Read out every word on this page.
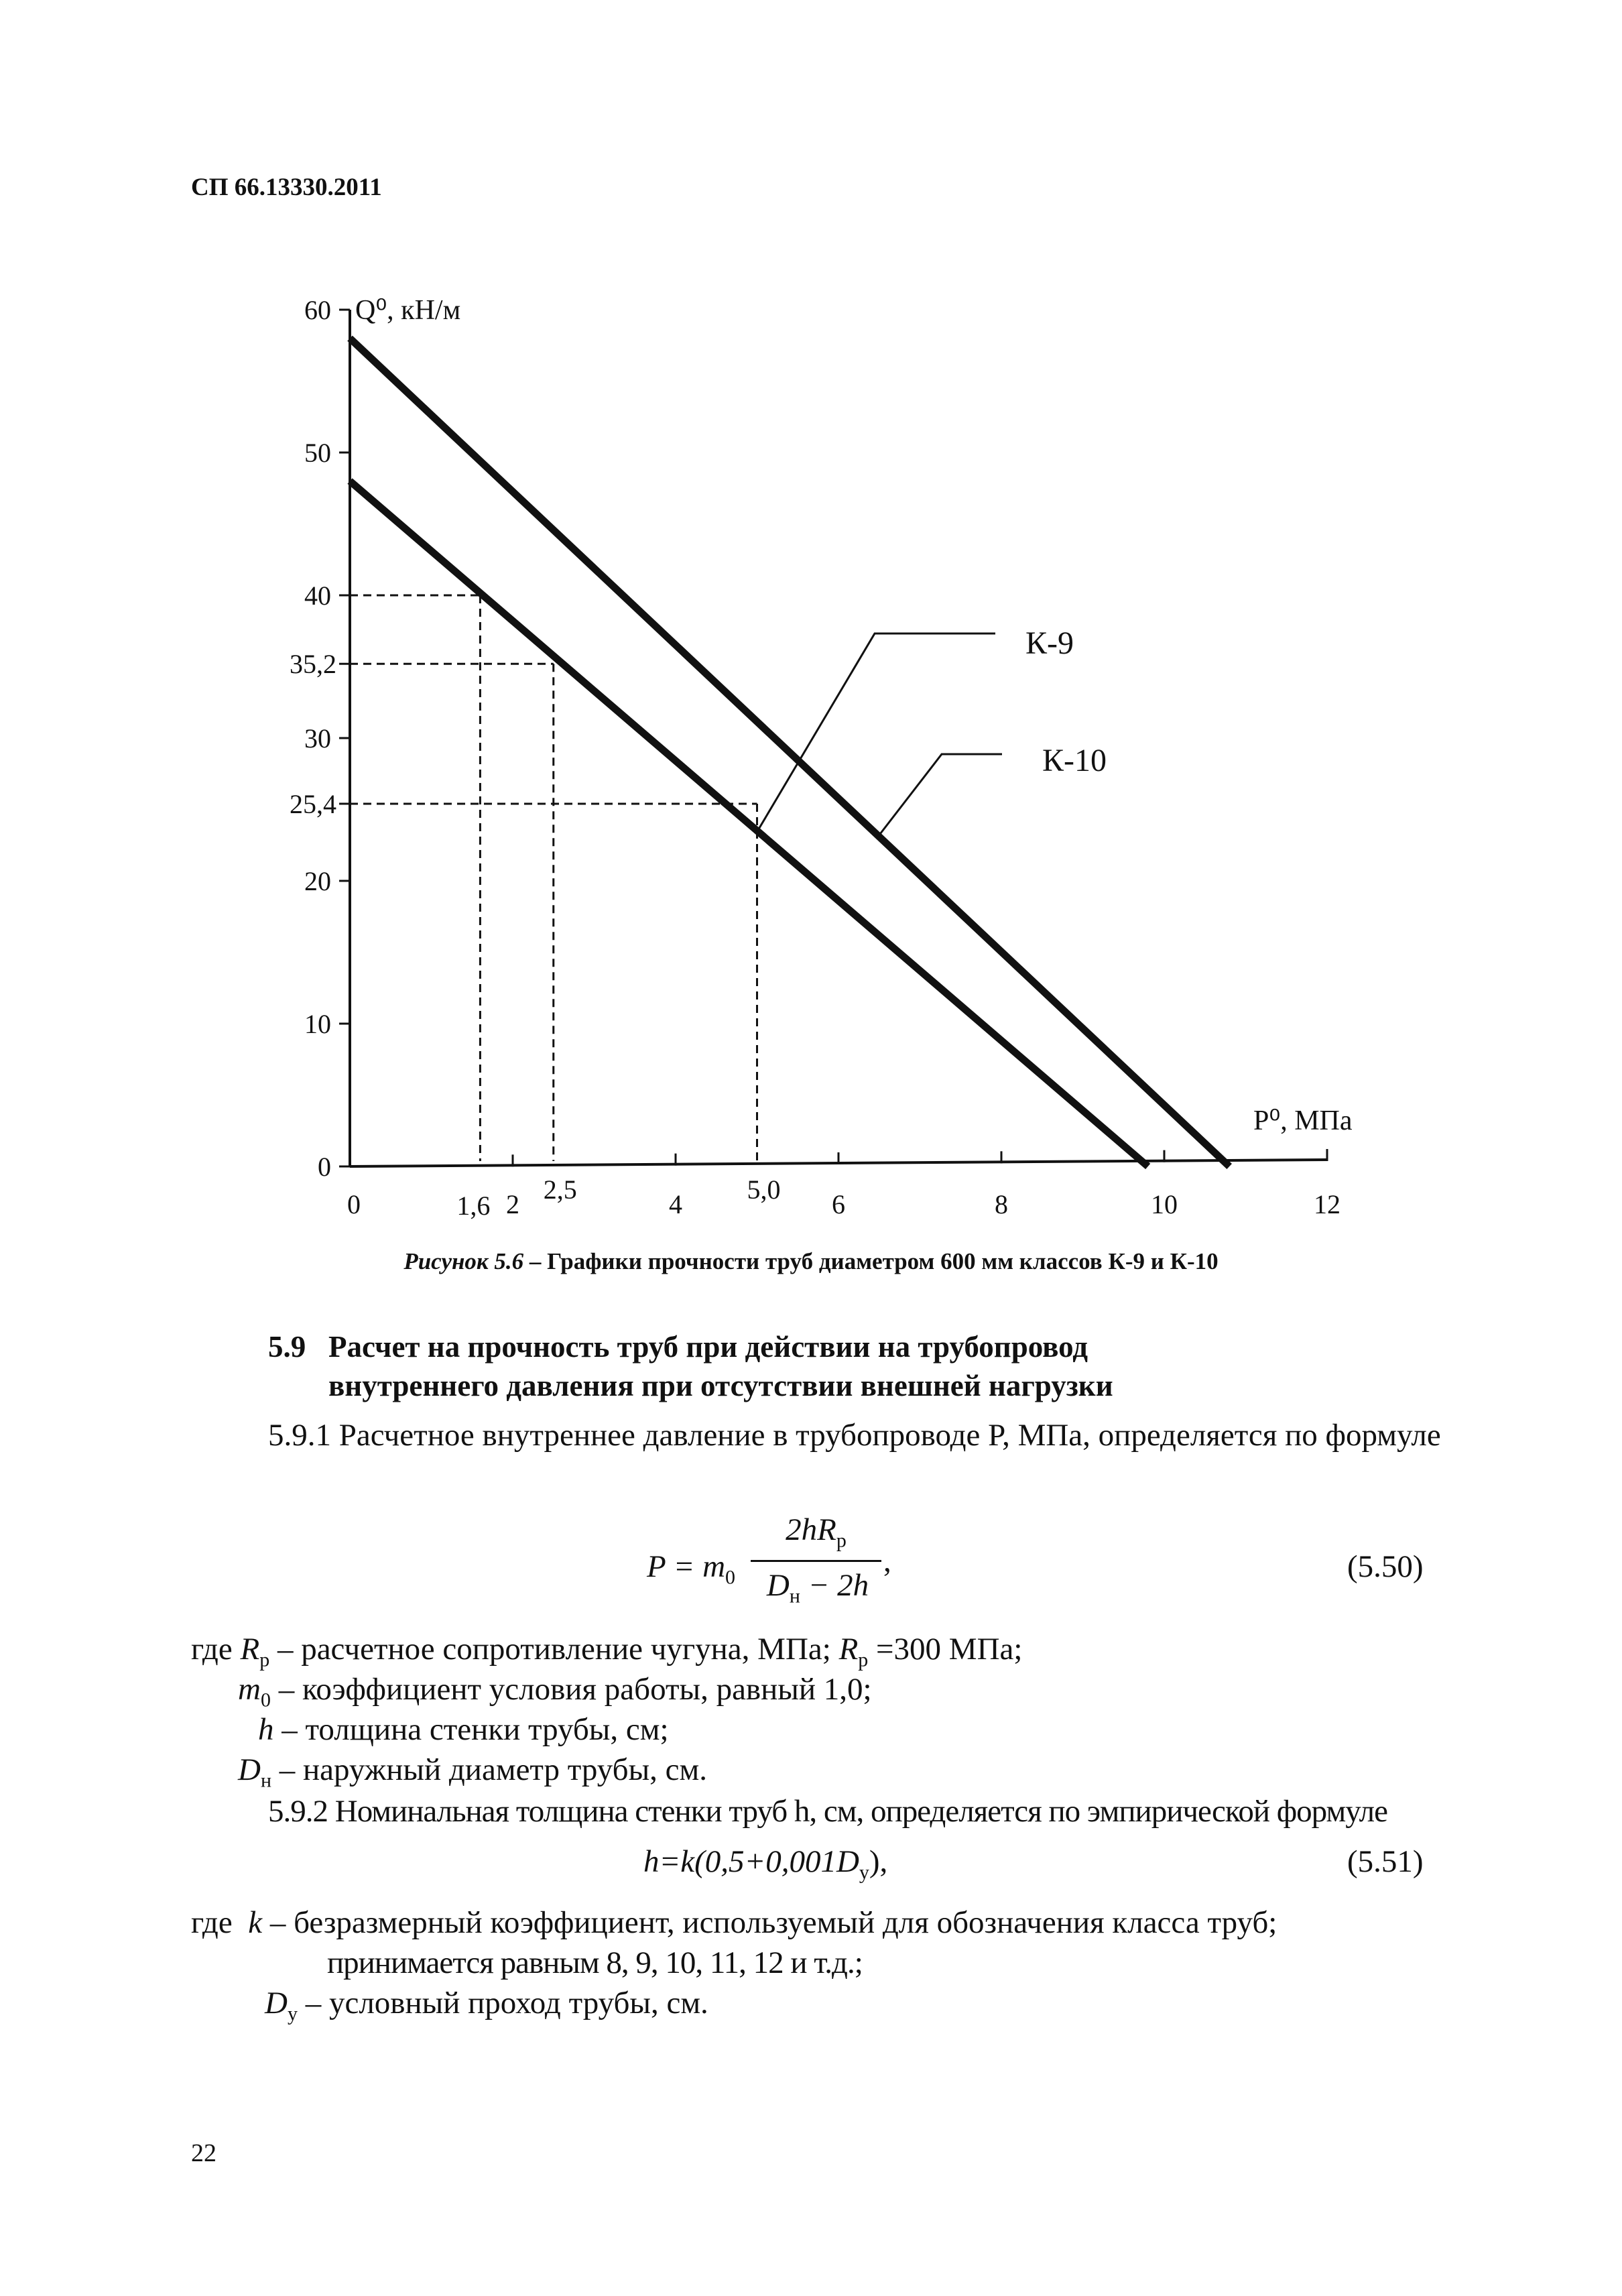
СП 66.13330.2011
0
10
20
30
40
50
60
35,2
25,4
0	2	4	6	8	10	12
1,6
2,5	5,0
К-9
К-10
Q⁰, кН/м
P⁰, МПа
Рисунок 5.6 – Графики прочности труб диаметром 600 мм классов К-9 и К-10
5.9 Расчет на прочность труб при действии на трубопровод
внутреннего давления при отсутствии внешней нагрузки
5.9.1 Расчетное внутреннее давление в трубопроводе P, МПа, определяется по формуле
$P = m_0$
$2hR_р$
$D_н - 2h$
,	(5.50)
где $R_p$ – расчетное сопротивление чугуна, МПа; $R_p =300$ МПа;
$m_0$ – коэффициент условия работы, равный 1,0;
h – толщина стенки трубы, см;
$D_н$ – наружный диаметр трубы, см.
5.9.2 Номинальная толщина стенки труб h, см, определяется по эмпирической формуле
$h=k(0,5+0,001D_у)$,	(5.51)
где  k – безразмерный коэффициент, используемый для обозначения класса труб;
принимается равным 8, 9, 10, 11, 12 и т.д.;
$D_у$ – условный проход трубы, см.
22
